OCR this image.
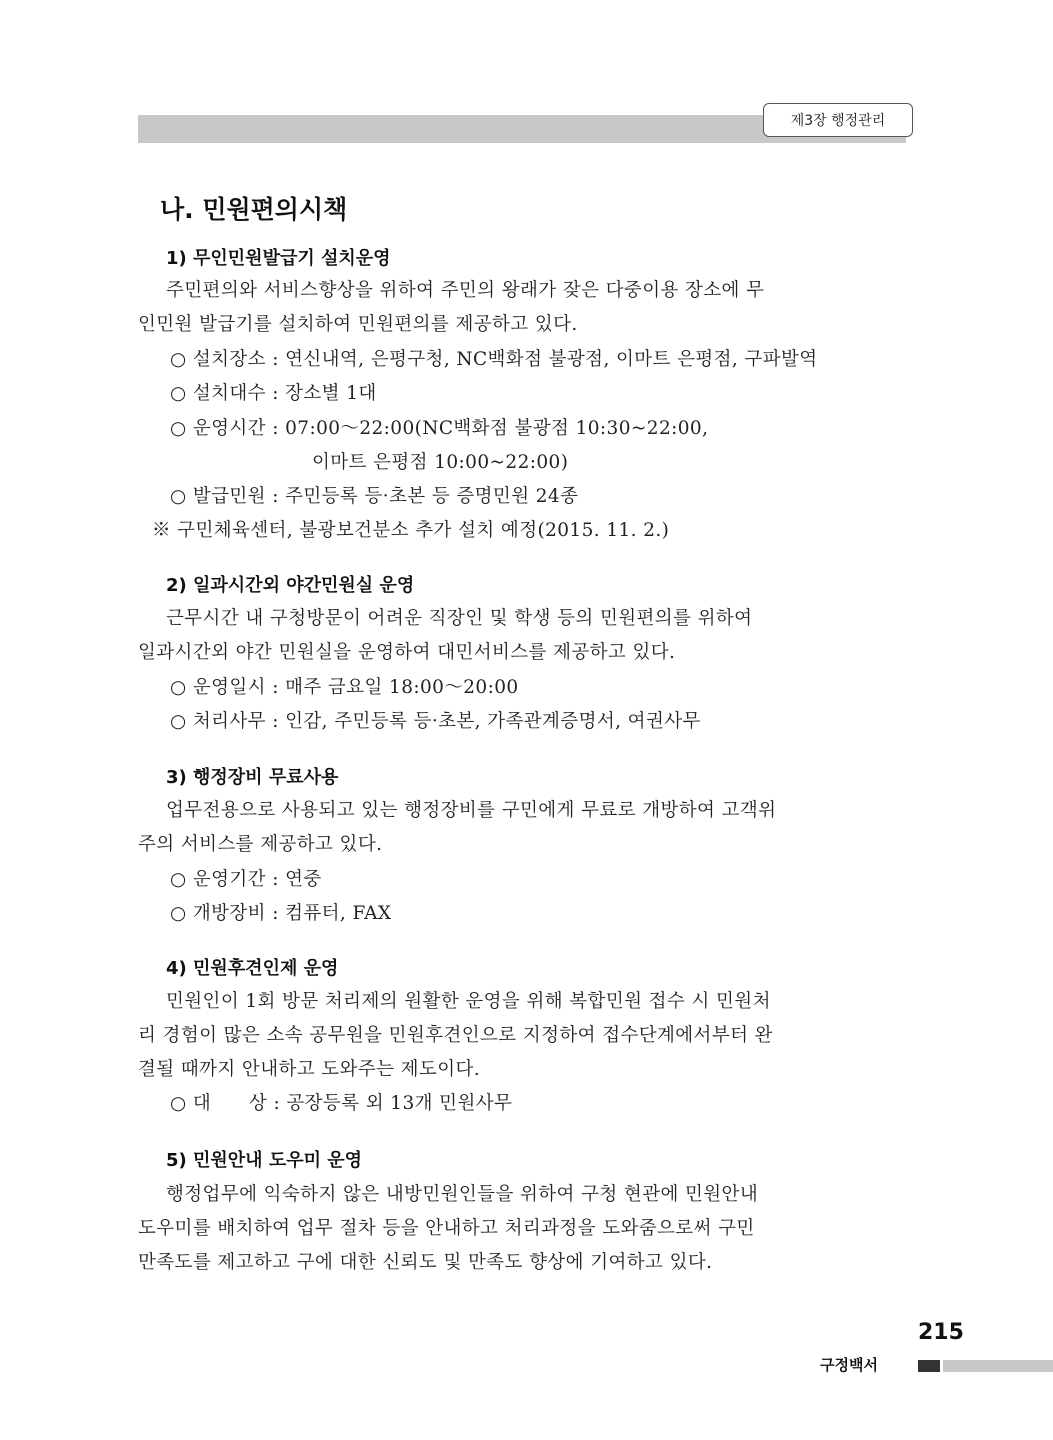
제3장 행정관리
나. 민원편의시책
1) 무인민원발급기 설치운영
주민편의와 서비스향상을 위하여 주민의 왕래가 잦은 다중이용 장소에 무
인민원 발급기를 설치하여 민원편의를 제공하고 있다.
○ 설치장소 : 연신내역, 은평구청, NC백화점 불광점, 이마트 은평점, 구파발역
○ 설치대수 : 장소별 1대
○ 운영시간 : 07:00～22:00(NC백화점 불광점 10:30~22:00,
이마트 은평점 10:00~22:00)
○ 발급민원 : 주민등록 등·초본 등 증명민원 24종
※ 구민체육센터, 불광보건분소 추가 설치 예정(2015. 11. 2.)
2) 일과시간외 야간민원실 운영
근무시간 내 구청방문이 어려운 직장인 및 학생 등의 민원편의를 위하여
일과시간외 야간 민원실을 운영하여 대민서비스를 제공하고 있다.
○ 운영일시 : 매주 금요일 18:00～20:00
○ 처리사무 : 인감, 주민등록 등·초본, 가족관계증명서, 여권사무
3) 행정장비 무료사용
업무전용으로 사용되고 있는 행정장비를 구민에게 무료로 개방하여 고객위
주의 서비스를 제공하고 있다.
○ 운영기간 : 연중
○ 개방장비 : 컴퓨터, FAX
4) 민원후견인제 운영
민원인이 1회 방문 처리제의 원활한 운영을 위해 복합민원 접수 시 민원처
리 경험이 많은 소속 공무원을 민원후견인으로 지정하여 접수단계에서부터 완
결될 때까지 안내하고 도와주는 제도이다.
○ 대　　상 : 공장등록 외 13개 민원사무
5) 민원안내 도우미 운영
행정업무에 익숙하지 않은 내방민원인들을 위하여 구청 현관에 민원안내
도우미를 배치하여 업무 절차 등을 안내하고 처리과정을 도와줌으로써 구민
만족도를 제고하고 구에 대한 신뢰도 및 만족도 향상에 기여하고 있다.
215
구정백서
